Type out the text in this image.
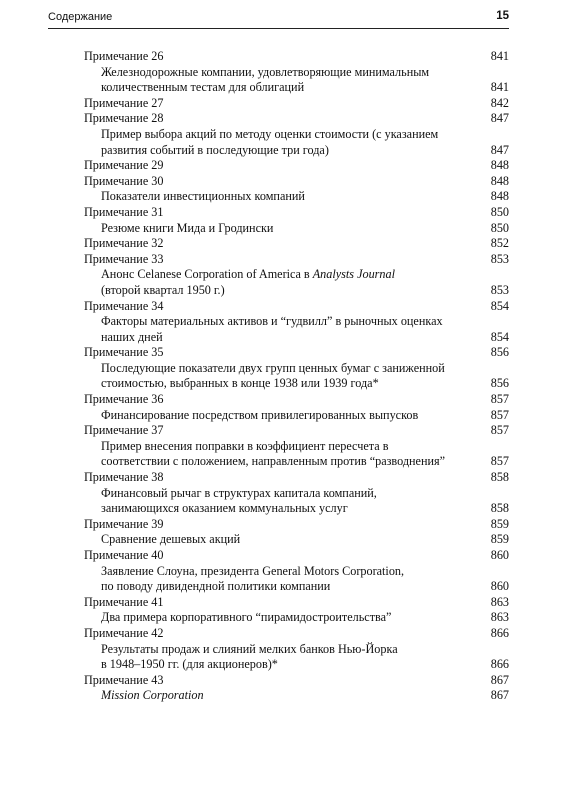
Содержание	15
Примечание 26	841
Железнодорожные компании, удовлетворяющие минимальным
количественным тестам для облигаций	841
Примечание 27	842
Примечание 28	847
Пример выбора акций по методу оценки стоимости (с указанием
развития событий в последующие три года)	847
Примечание 29	848
Примечание 30	848
Показатели инвестиционных компаний	848
Примечание 31	850
Резюме книги Мида и Гродински	850
Примечание 32	852
Примечание 33	853
Анонс Celanese Corporation of America в Analysts Journal
(второй квартал 1950 г.)	853
Примечание 34	854
Факторы материальных активов и “гудвилл” в рыночных оценках
наших дней	854
Примечание 35	856
Последующие показатели двух групп ценных бумаг с заниженной
стоимостью, выбранных в конце 1938 или 1939 года*	856
Примечание 36	857
Финансирование посредством привилегированных выпусков	857
Примечание 37	857
Пример внесения поправки в коэффициент пересчета в
соответствии с положением, направленным против “разводнения”	857
Примечание 38	858
Финансовый рычаг в структурах капитала компаний,
занимающихся оказанием коммунальных услуг	858
Примечание 39	859
Сравнение дешевых акций	859
Примечание 40	860
Заявление Слоуна, президента General Motors Corporation,
по поводу дивидендной политики компании	860
Примечание 41	863
Два примера корпоративного “пирамидостроительства”	863
Примечание 42	866
Результаты продаж и слияний мелких банков Нью-Йорка
в 1948–1950 гг. (для акционеров)*	866
Примечание 43	867
Mission Corporation	867
